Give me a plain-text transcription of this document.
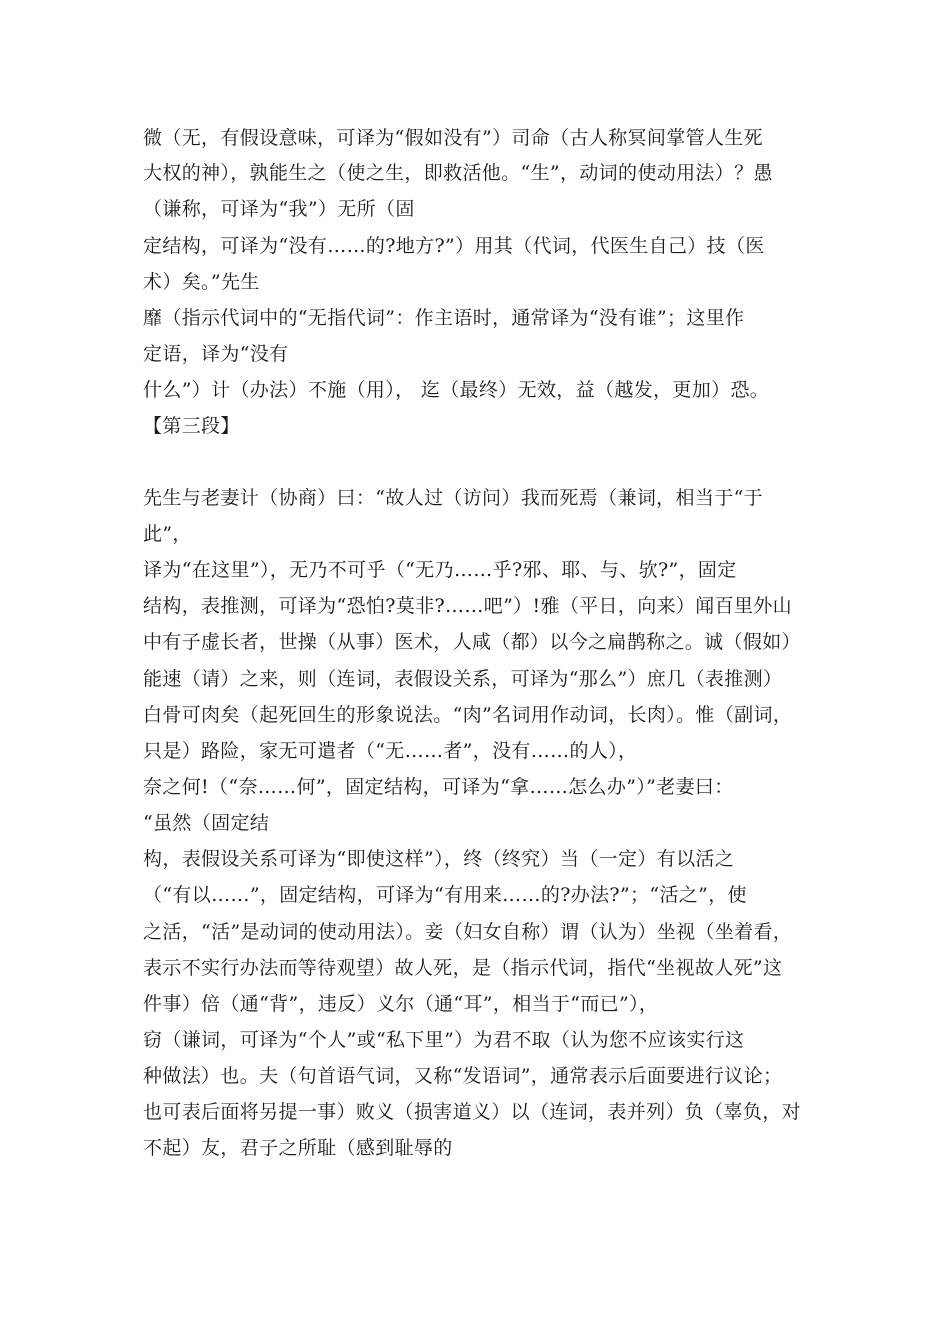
微（无，有假设意味，可译为“假如没有”）司命（古人称冥间掌管人生死
大权的神），孰能生之（使之生，即救活他。“生”，动词的使动用法）？愚
（谦称，可译为“我”）无所（固
定结构，可译为“没有……的?地方?”）用其（代词，代医生自己）技（医
术）矣。”先生
靡（指示代词中的“无指代词”：作主语时，通常译为“没有谁”；这里作
定语，译为“没有
什么”）计（办法）不施（用）， 迄（最终）无效，益（越发，更加）恐。
【第三段】
先生与老妻计（协商）曰：“故人过（访问）我而死焉（兼词，相当于“于
此”，
译为“在这里”），无乃不可乎（“无乃……乎?邪、耶、与、欤?”，固定
结构，表推测，可译为“恐怕?莫非?……吧”）!雅（平日，向来）闻百里外山
中有子虚长者，世操（从事）医术，人咸（都）以今之扁鹊称之。诚（假如）
能速（请）之来，则（连词，表假设关系，可译为“那么”）庶几（表推测）
白骨可肉矣（起死回生的形象说法。“肉”名词用作动词，长肉）。惟（副词，
只是）路险，家无可遣者（“无……者”，没有……的人），
奈之何!（“奈……何”，固定结构，可译为“拿……怎么办”）”老妻曰：
“虽然（固定结
构，表假设关系可译为“即使这样”），终（终究）当（一定）有以活之
（“有以……”，固定结构，可译为“有用来……的?办法?”；“活之”，使
之活，“活”是动词的使动用法）。妾（妇女自称）谓（认为）坐视（坐着看，
表示不实行办法而等待观望）故人死，是（指示代词，指代“坐视故人死”这
件事）倍（通“背”，违反）义尔（通“耳”，相当于“而已”），
窃（谦词，可译为“个人”或“私下里”）为君不取（认为您不应该实行这
种做法）也。夫（句首语气词，又称“发语词”，通常表示后面要进行议论；
也可表后面将另提一事）败义（损害道义）以（连词，表并列）负（辜负，对
不起）友，君子之所耻（感到耻辱的
